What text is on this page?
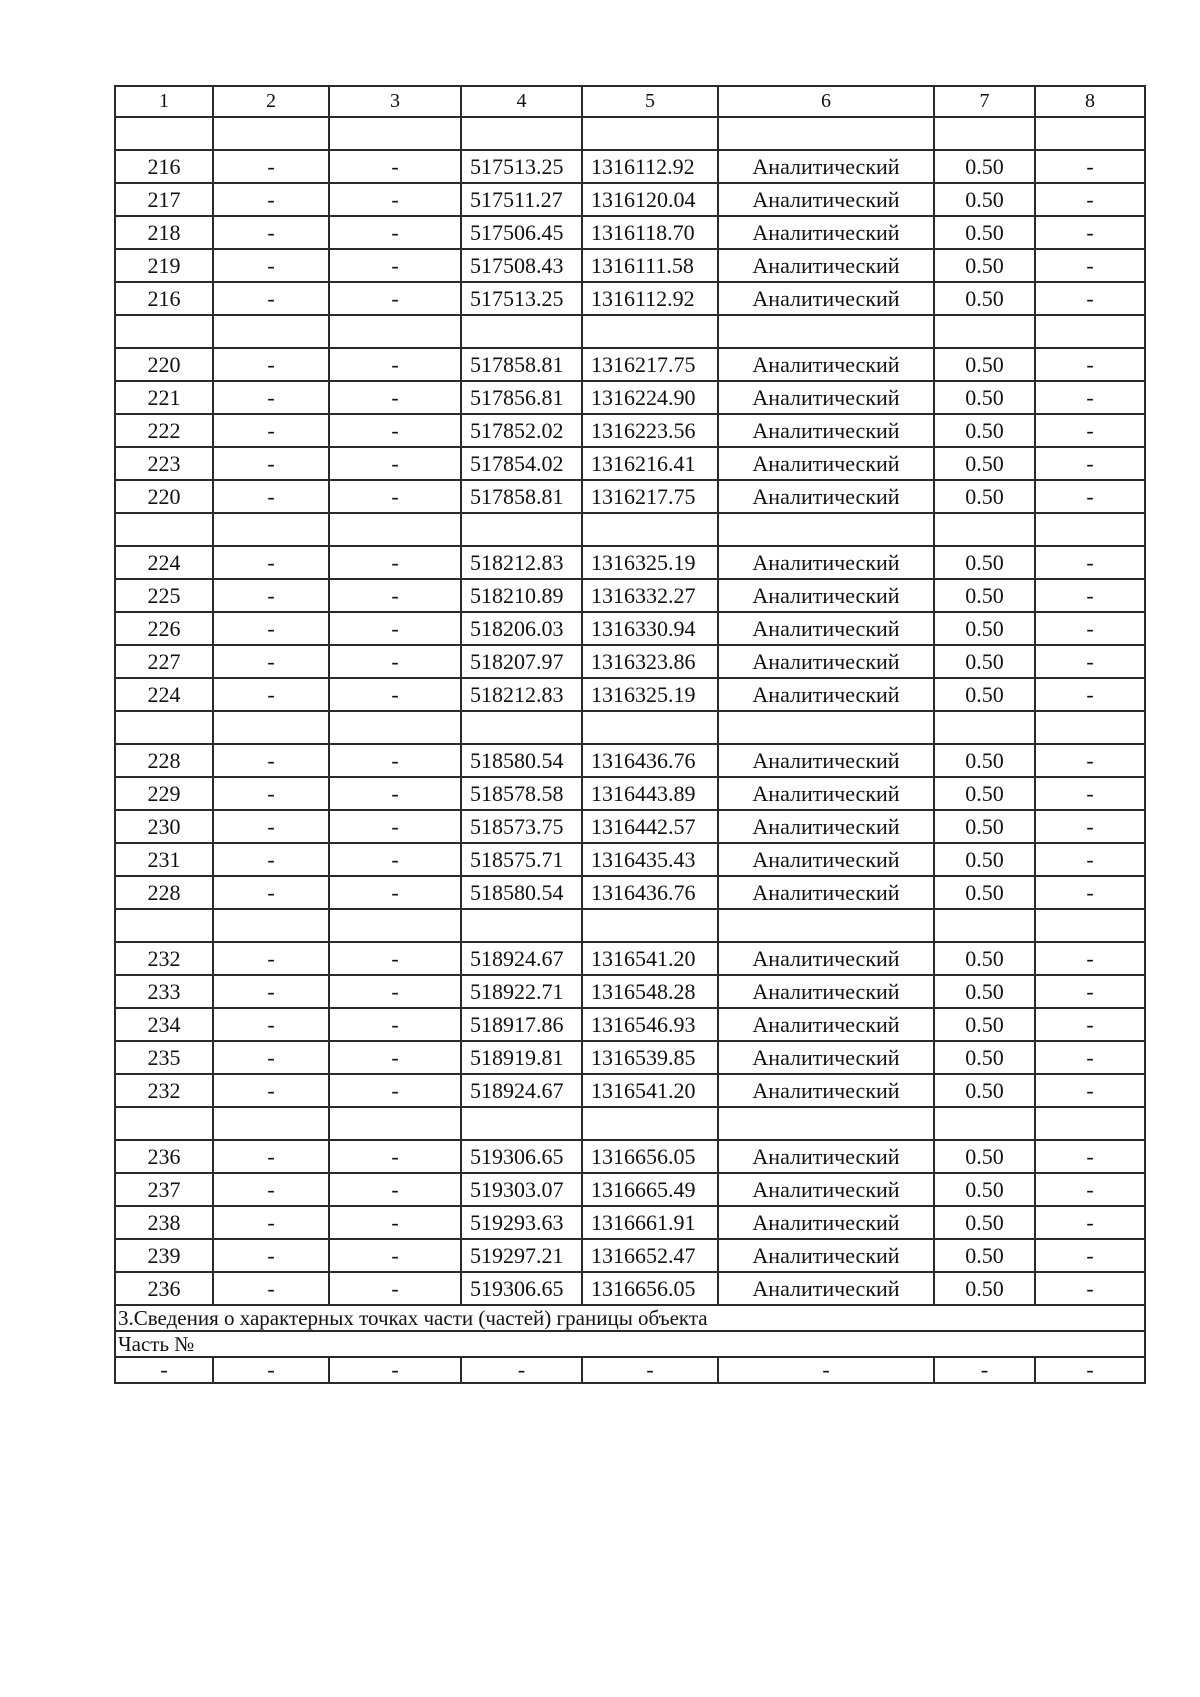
1	2	3	4	5	6	7	8

216	-	-	517513.25	1316112.92	Аналитический	0.50	-
217	-	-	517511.27	1316120.04	Аналитический	0.50	-
218	-	-	517506.45	1316118.70	Аналитический	0.50	-
219	-	-	517508.43	1316111.58	Аналитический	0.50	-
216	-	-	517513.25	1316112.92	Аналитический	0.50	-

220	-	-	517858.81	1316217.75	Аналитический	0.50	-
221	-	-	517856.81	1316224.90	Аналитический	0.50	-
222	-	-	517852.02	1316223.56	Аналитический	0.50	-
223	-	-	517854.02	1316216.41	Аналитический	0.50	-
220	-	-	517858.81	1316217.75	Аналитический	0.50	-

224	-	-	518212.83	1316325.19	Аналитический	0.50	-
225	-	-	518210.89	1316332.27	Аналитический	0.50	-
226	-	-	518206.03	1316330.94	Аналитический	0.50	-
227	-	-	518207.97	1316323.86	Аналитический	0.50	-
224	-	-	518212.83	1316325.19	Аналитический	0.50	-

228	-	-	518580.54	1316436.76	Аналитический	0.50	-
229	-	-	518578.58	1316443.89	Аналитический	0.50	-
230	-	-	518573.75	1316442.57	Аналитический	0.50	-
231	-	-	518575.71	1316435.43	Аналитический	0.50	-
228	-	-	518580.54	1316436.76	Аналитический	0.50	-

232	-	-	518924.67	1316541.20	Аналитический	0.50	-
233	-	-	518922.71	1316548.28	Аналитический	0.50	-
234	-	-	518917.86	1316546.93	Аналитический	0.50	-
235	-	-	518919.81	1316539.85	Аналитический	0.50	-
232	-	-	518924.67	1316541.20	Аналитический	0.50	-

236	-	-	519306.65	1316656.05	Аналитический	0.50	-
237	-	-	519303.07	1316665.49	Аналитический	0.50	-
238	-	-	519293.63	1316661.91	Аналитический	0.50	-
239	-	-	519297.21	1316652.47	Аналитический	0.50	-
236	-	-	519306.65	1316656.05	Аналитический	0.50	-
3.Сведения о характерных точках части (частей) границы объекта							
Часть №							
-	-	-	-	-	-	-	-
